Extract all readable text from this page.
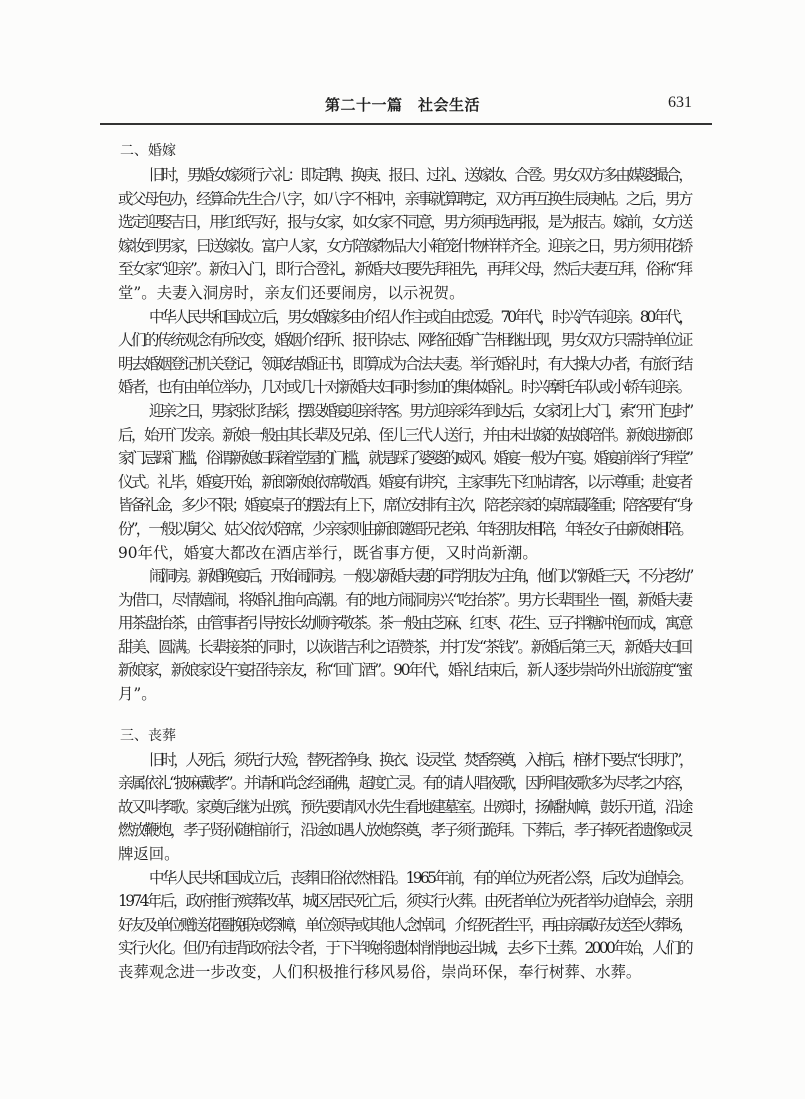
第二十一篇　社会生活	631
二、婚嫁
旧时，男婚女嫁须行六礼：即定聘、换庚、报日、过礼、送嫁妆、合卺。男女双方多由媒婆撮合，
或父母包办，经算命先生合八字，如八字不相冲，亲事就算聘定，双方再互换生辰庚帖。之后，男方
选定迎娶吉日，用红纸写好，报与女家，如女家不同意，男方须再选再报，是为报吉。嫁前，女方送
嫁妆到男家，曰送嫁妆。富户人家，女方陪嫁物品大小箱笼什物样样齐全。迎亲之日，男方须用花轿
至女家“迎亲”。新妇入门，即行合卺礼，新婚夫妇要先拜祖先，再拜父母，然后夫妻互拜，俗称“拜
堂”。夫妻入洞房时，亲友们还要闹房，以示祝贺。
中华人民共和国成立后，男女婚嫁多由介绍人作主或自由恋爱。70年代，时兴汽车迎亲。80年代，
人们的传统观念有所改变，婚姻介绍所、报刊杂志、网络征婚广告相继出现，男女双方只需持单位证
明去婚姻登记机关登记，领取结婚证书，即算成为合法夫妻。举行婚礼时，有大操大办者，有旅行结
婚者，也有由单位举办，几对或几十对新婚夫妇同时参加的集体婚礼。时兴摩托车队或小轿车迎亲。
迎亲之日，男家张灯结彩，摆设婚宴迎亲待客。男方迎亲彩车到达后，女家闭上大门，索“开门包封”
后，始开门发亲。新娘一般由其长辈及兄弟、侄儿三代人送行，并由未出嫁的姑娘陪伴。新娘进新郎
家门忌踩门槛，俗谓新媳妇踩着堂屋的门槛，就是踩了婆婆的威风。婚宴一般为午宴。婚宴前举行“拜堂”
仪式。礼毕，婚宴开始，新郎新娘依席敬酒。婚宴有讲究，主家事先下红帖请客，以示尊重；赴宴者
皆备礼金，多少不限；婚宴桌子的摆法有上下，席位安排有主次，陪老亲家的桌席最隆重；陪客要有“身
份”，一般以舅父、姑父依次陪席，少亲家则由新郎邀哥兄老弟、年轻朋友相陪，年轻女子由新娘相陪。
90年代，婚宴大都改在酒店举行，既省事方便，又时尚新潮。
闹洞房。新婚晚宴后，开始闹洞房。一般以新婚夫妻的同学朋友为主角，他们以“新婚三天，不分老幼”
为借口，尽情嬉闹，将婚礼推向高潮。有的地方闹洞房兴“吃抬茶”。男方长辈围坐一圈，新婚夫妻
用茶盘抬茶，由管事者引导按长幼顺序敬茶。茶一般由芝麻、红枣、花生、豆子拌糖冲泡而成，寓意
甜美、圆满。长辈接茶的同时，以诙谐吉利之语赞茶，并打发“茶钱”。新婚后第三天，新婚夫妇回
新娘家，新娘家设午宴招待亲友，称“回门酒”。90年代，婚礼结束后，新人逐步崇尚外出旅游度“蜜
月”。
三、丧葬
旧时，人死后，须先行大殓，替死者净身、换衣、设灵堂、焚香祭奠，入棺后，棺材下要点“长明灯”，
亲属依礼“披麻戴孝”。并请和尚念经诵佛，超度亡灵。有的请人唱夜歌，因所唱夜歌多为尽孝之内容，
故又叫孝歌。家奠后继为出殡，预先要请风水先生看地建墓室。出殡时，扬幡执幛，鼓乐开道，沿途
燃放鞭炮，孝子贤孙随棺前行，沿途如遇人放炮祭奠，孝子须行跪拜。下葬后，孝子捧死者遗像或灵
牌返回。
中华人民共和国成立后，丧葬旧俗依然相沿。1965年前，有的单位为死者公祭，后改为追悼会。
1974年后，政府推行殡葬改革，城区居民死亡后，须实行火葬。由死者单位为死者举办追悼会，亲朋
好友及单位赠送花圈挽联或祭幛，单位领导或其他人念悼词，介绍死者生平，再由亲属好友送至火葬场，
实行火化。但仍有违背政府法令者，于下半晚将遗体悄悄地运出城，去乡下土葬。2000年始，人们的
丧葬观念进一步改变，人们积极推行移风易俗，崇尚环保，奉行树葬、水葬。
